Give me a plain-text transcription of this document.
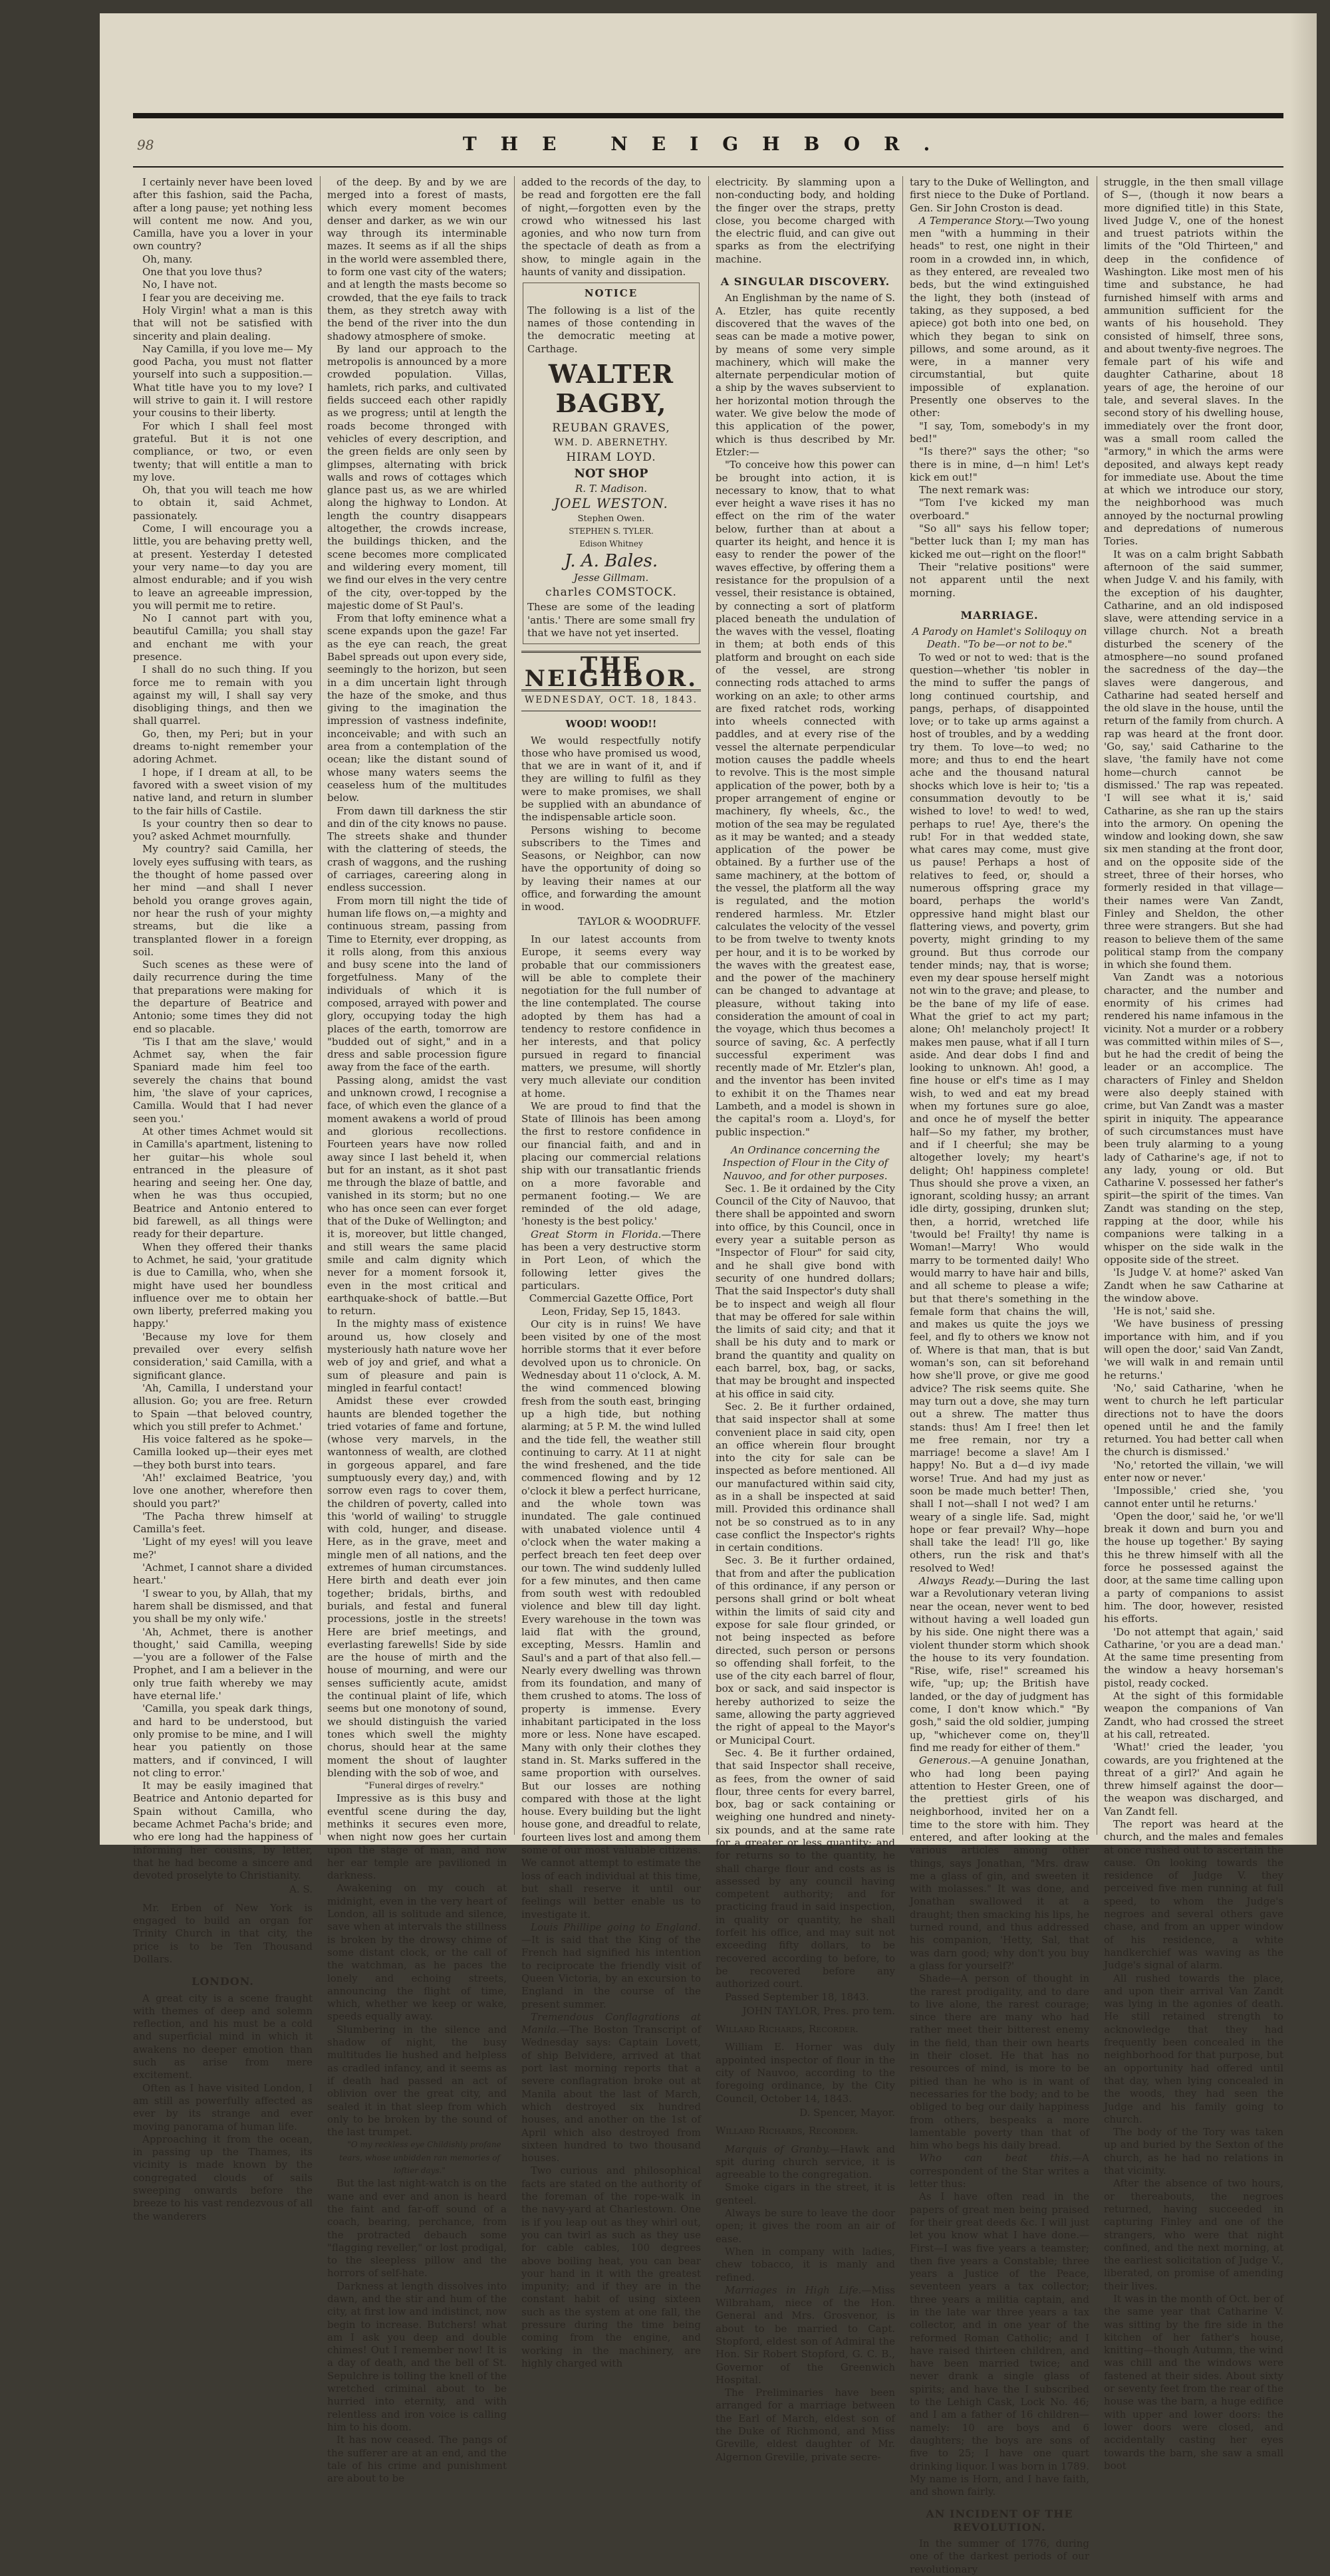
98	THE NEIGHBOR.

I certainly never have been loved after this fashion, said the Pacha, after a long pause; yet nothing less will content me now. And you, Camilla, have you a lover in your own country?

Oh, many.

One that you love thus?

No, I have not.

I fear you are deceiving me.

Holy Virgin! what a man is this that will not be satisfied with sincerity and plain dealing.

Nay Camilla, if you love me— My good Pacha, you must not flatter yourself into such a supposition.—What title have you to my love? I will strive to gain it. I will restore your cousins to their liberty.

For which I shall feel most grateful. But it is not one compliance, or two, or even twenty; that will entitle a man to my love.

Oh, that you will teach me how to obtain it, said Achmet, passionately.

Come, I will encourage you a little, you are behaving pretty well, at present. Yesterday I detested your very name—to day you are almost endurable; and if you wish to leave an agreeable impression, you will permit me to retire.

No I cannot part with you, beautiful Camilla; you shall stay and enchant me with your presence.

I shall do no such thing. If you force me to remain with you against my will, I shall say very disobliging things, and then we shall quarrel.

Go, then, my Peri; but in your dreams to-night remember your adoring Achmet.

I hope, if I dream at all, to be favored with a sweet vision of my native land, and return in slumber to the fair hills of Castile.

Is your country then so dear to you? asked Achmet mournfully.

My country? said Camilla, her lovely eyes suffusing with tears, as the thought of home passed over her mind —and shall I never behold you orange groves again, nor hear the rush of your mighty streams, but die like a transplanted flower in a foreign soil.

Such scenes as these were of daily recurrence during the time that preparations were making for the departure of Beatrice and Antonio; some times they did not end so placable.

'Tis I that am the slave,' would Achmet say, when the fair Spaniard made him feel too severely the chains that bound him, 'the slave of your caprices, Camilla. Would that I had never seen you.'

At other times Achmet would sit in Camilla's apartment, listening to her guitar—his whole soul entranced in the pleasure of hearing and seeing her. One day, when he was thus occupied, Beatrice and Antonio entered to bid farewell, as all things were ready for their departure.

When they offered their thanks to Achmet, he said, 'your gratitude is due to Camilla, who, when she might have used her boundless influence over me to obtain her own liberty, preferred making you happy.'

'Because my love for them prevailed over every selfish consideration,' said Camilla, with a significant glance.

'Ah, Camilla, I understand your allusion. Go; you are free. Return to Spain —that beloved country, which you still prefer to Achmet.'

His voice faltered as he spoke—Camilla looked up—their eyes met—they both burst into tears.

'Ah!' exclaimed Beatrice, 'you love one another, wherefore then should you part?'

'The Pacha threw himself at Camilla's feet.

'Light of my eyes! will you leave me?'

'Achmet, I cannot share a divided heart.'

'I swear to you, by Allah, that my harem shall be dismissed, and that you shall be my only wife.'

'Ah, Achmet, there is another thought,' said Camilla, weeping—'you are a follower of the False Prophet, and I am a believer in the only true faith whereby we may have eternal life.'

'Camilla, you speak dark things, and hard to be understood, but only promise to be mine, and I will hear you patiently on those matters, and if convinced, I will not cling to error.'

It may be easily imagined that Beatrice and Antonio departed for Spain without Camilla, who became Achmet Pacha's bride; and who ere long had the happiness of informing her cousins, by letter, that he had become a sincere and devoted proselyte to Christianity.

A. S.

Mr. Erben of New York is engaged to build an organ for Trinity Church in that city, the price is to be Ten Thousand Dollars.

LONDON.

A great city is a scene fraught with themes of deep and solemn reflection, and his must be a cold and superficial mind in which it awakens no deeper emotion than such as arise from mere excitement.

Often as I have visited London, I am still as powerfully affected as ever by its strange and ever moving panorama of human life.

Approaching it from the ocean, in passing up the Thames, its vicinity is made known by the congregated clouds of sails sweeping onwards before the breeze to his vast rendezvous of all the wanderers

of the deep. By and by we are merged into a forest of masts, which every moment becomes denser and darker, as we win our way through its interminable mazes. It seems as if all the ships in the world were assembled there, to form one vast city of the waters; and at length the masts become so crowded, that the eye fails to track them, as they stretch away with the bend of the river into the dun shadowy atmosphere of smoke.

By land our approach to the metropolis is announced by a more crowded population. Villas, hamlets, rich parks, and cultivated fields succeed each other rapidly as we progress; until at length the roads become thronged with vehicles of every description, and the green fields are only seen by glimpses, alternating with brick walls and rows of cottages which glance past us, as we are whirled along the highway to London. At length the country disappears altogether, the crowds increase, the buildings thicken, and the scene becomes more complicated and wildering every moment, till we find our elves in the very centre of the city, over-topped by the majestic dome of St Paul's.

From that lofty eminence what a scene expands upon the gaze! Far as the eye can reach, the great Babel spreads out upon every side, seemingly to the horizon, but seen in a dim uncertain light through the haze of the smoke, and thus giving to the imagination the impression of vastness indefinite, inconceivable; and with such an area from a contemplation of the ocean; like the distant sound of whose many waters seems the ceaseless hum of the multitudes below.

From dawn till darkness the stir and din of the city knows no pause. The streets shake and thunder with the clattering of steeds, the crash of waggons, and the rushing of carriages, careering along in endless succession.

From morn till night the tide of human life flows on,—a mighty and continuous stream, passing from Time to Eternity, ever dropping, as it rolls along, from this anxious and busy scene into the land of forgetfulness. Many of the individuals of which it is composed, arrayed with power and glory, occupying today the high places of the earth, tomorrow are "budded out of sight," and in a dress and sable procession figure away from the face of the earth.

Passing along, amidst the vast and unknown crowd, I recognise a face, of which even the glance of a moment awakens a world of proud and glorious recollections. Fourteen years have now rolled away since I last beheld it, when but for an instant, as it shot past me through the blaze of battle, and vanished in its storm; but no one who has once seen can ever forget that of the Duke of Wellington; and it is, moreover, but little changed, and still wears the same placid smile and calm dignity which never for a moment forsook it, even in the most critical and earthquake-shock of battle.—But to return.

In the mighty mass of existence around us, how closely and mysteriously hath nature wove her web of joy and grief, and what a sum of pleasure and pain is mingled in fearful contact!

Amidst these ever crowded haunts are blended together the tried votaries of fame and fortune, (whose very marvels, in the wantonness of wealth, are clothed in gorgeous apparel, and fare sumptuously every day,) and, with sorrow even rags to cover them, the children of poverty, called into this 'world of wailing' to struggle with cold, hunger, and disease. Here, as in the grave, meet and mingle men of all nations, and the extremes of human circumstances. Here birth and death ever join together; bridals, births, and burials, and festal and funeral processions, jostle in the streets! Here are brief meetings, and everlasting farewells! Side by side are the house of mirth and the house of mourning, and were our senses sufficiently acute, amidst the continual plaint of life, which seems but one monotony of sound, we should distinguish the varied tones which swell the mighty chorus, should hear at the same moment the shout of laughter blending with the sob of woe, and

"Funeral dirges of revelry."

Impressive as is this busy and eventful scene during the day, methinks it secures even more, when night now goes her curtain upon the stage of man, and now her ear temple are pavilioned in darkness.

Awakening on my couch at midnight, even in the very heart of London, all is solitude and silence, save when at intervals the stillness is broken by the drowsy chime of some distant clock, or the call of the watchman, as he paces the lonely and echoing streets, announcing the flight of time, which, whether we keep or wake, speeds equally away.

Slumbering in the silence and shadow of night, the busy multitudes lie hushed and helpless as cradled infancy, and it seems as if death had passed an act of oblivion over the great city, and sealed it in that sleep from which only to be broken by the sound of the last trumpet.

"O my reckless eye Childishly profane tears, whose unbidden ran memories of loftier days."

But the last night-watch is on the wane and ever and anon is heard the faint and far-off sound of a coach, bearing, perchance, from the protracted debauch some "flagging reveller," or lost prodigal, to the sleepless pillow and the horrors of self-hate.

Darkness at length dissolves into dawn, and the stir and hum of the city, at first low and indistinct, now begin to increase. Butchers! what am I ask you deep and double chimes! Out I remember now! It is a day of death, and the bell of St. Sepulchre is tolling the knell of the wretched criminal about to be hurried into eternity, and with relentless and iron voice is calling him to his doom.

It has now ceased. The pangs of the sufferer are at an end, and the tale of his crime and punishment are about to be

added to the records of the day, to be read and forgotten ere the fall of night,—forgotten even by the crowd who witnessed his last agonies, and who now turn from the spectacle of death as from a show, to mingle again in the haunts of vanity and dissipation.

NOTICE
The following is a list of the names of those contending in the democratic meeting at Carthage.
WALTER BAGBY,
REUBAN GRAVES,
WM. D. ABERNETHY.
HIRAM LOYD.
NOT SHOP
R. T. Madison.
JOEL WESTON.
Stephen Owen.
STEPHEN S. TYLER.
Edison Whitney
J. A. Bales.
Jesse Gillmam.
charles COMSTOCK.
These are some of the leading 'antis.' There are some small fry that we have not yet inserted.
THE NEIGHBOR.
WEDNESDAY, OCT. 18, 1843.
WOOD! WOOD!!

We would respectfully notify those who have promised us wood, that we are in want of it, and if they are willing to fulfil as they were to make promises, we shall be supplied with an abundance of the indispensable article soon.

Persons wishing to become subscribers to the Times and Seasons, or Neighbor, can now have the opportunity of doing so by leaving their names at our office, and forwarding the amount in wood.

TAYLOR & WOODRUFF.

In our latest accounts from Europe, it seems every way probable that our commissioners will be able to complete their negotiation for the full number of the line contemplated. The course adopted by them has had a tendency to restore confidence in her interests, and that policy pursued in regard to financial matters, we presume, will shortly very much alleviate our condition at home.

We are proud to find that the State of Illinois has been among the first to restore confidence in our financial faith, and and in placing our commercial relations ship with our transatlantic friends on a more favorable and permanent footing.— We are reminded of the old adage, 'honesty is the best policy.'

Great Storm in Florida.—There has been a very destructive storm in Port Leon, of which the following letter gives the particulars.

Commercial Gazette Office, Port Leon, Friday, Sep 15, 1843.

Our city is in ruins! We have been visited by one of the most horrible storms that it ever before devolved upon us to chronicle. On Wednesday about 11 o'clock, A. M. the wind commenced blowing fresh from the south east, bringing up a high tide, but nothing alarming; at 5 P. M. the wind lulled and the tide fell, the weather still continuing to carry. At 11 at night the wind freshened, and the tide commenced flowing and by 12 o'clock it blew a perfect hurricane, and the whole town was inundated. The gale continued with unabated violence until 4 o'clock when the water making a perfect breach ten feet deep over our town. The wind suddenly lulled for a few minutes, and then came from south west with redoubled violence and blew till day light. Every warehouse in the town was laid flat with the ground, excepting, Messrs. Hamlin and Saul's and a part of that also fell.— Nearly every dwelling was thrown from its foundation, and many of them crushed to atoms. The loss of property is immense. Every inhabitant participated in the loss more or less. None have escaped. Many with only their clothes they stand in. St. Marks suffered in the same proportion with ourselves. But our losses are nothing compared with those at the light house. Every building but the light house gone, and dreadful to relate, fourteen lives lost and among them some of our most valuable citizens. We cannot attempt to estimate the loss of each individual at this time, but shall reserve it until our feelings will better enable us to investigate it.

Louis Phillipe going to England.—It is said that the King of the French had signified his intention to reciprocate the friendly visit of Queen Victoria, by an excursion to England in the course of the present summer.

Tremendous Conflagrations at Manila.—The Boston Transcript of Wednesday says: Captain Lovett, of ship Belvidere, arrived at that port last morning reports that a severe conflagration broke out at Manila about the last of March, which destroyed six hundred houses, and another on the 1st of April which also destroyed from sixteen hundred to two thousand houses.

Two curious and philosophical facts are stated on the authority of the foreman of the rope-walk in the navy-yard at Charlestown. One is if you leap out as they whirl out, you can twirl as such as they use for cable cables, 100 degrees above boiling heat, you can bear your hand in it with the greatest impunity; and if they are in the constant habit of using sixteen such as the system at one fall, the pressure during the time being coming from the engine, and working in the machinery, are highly charged with

electricity. By slamming upon a non-conducting body, and holding the finger over the straps, pretty close, you become charged with the electric fluid, and can give out sparks as from the electrifying machine.

A SINGULAR DISCOVERY.

An Englishman by the name of S. A. Etzler, has quite recently discovered that the waves of the seas can be made a motive power, by means of some very simple machinery, which will make the alternate perpendicular motion of a ship by the waves subservient to her horizontal motion through the water. We give below the mode of this application of the power, which is thus described by Mr. Etzler:—

"To conceive how this power can be brought into action, it is necessary to know, that to what ever height a wave rises it has no effect on the rim of the water below, further than at about a quarter its height, and hence it is easy to render the power of the waves effective, by offering them a resistance for the propulsion of a vessel, their resistance is obtained, by connecting a sort of platform placed beneath the undulation of the waves with the vessel, floating in them; at both ends of this platform and brought on each side of the vessel, are strong connecting rods attached to arms working on an axle; to other arms are fixed ratchet rods, working into wheels connected with paddles, and at every rise of the vessel the alternate perpendicular motion causes the paddle wheels to revolve. This is the most simple application of the power, both by a proper arrangement of engine or machinery, fly wheels, &c., the motion of the sea may be regulated as it may be wanted; and a steady application of the power be obtained. By a further use of the same machinery, at the bottom of the vessel, the platform all the way is regulated, and the motion rendered harmless. Mr. Etzler calculates the velocity of the vessel to be from twelve to twenty knots per hour, and it is to be worked by the waves with the greatest ease, and the power of the machinery can be changed to advantage at pleasure, without taking into consideration the amount of coal in the voyage, which thus becomes a source of saving, &c. A perfectly successful experiment was recently made of Mr. Etzler's plan, and the inventor has been invited to exhibit it on the Thames near Lambeth, and a model is shown in the capital's room a. Lloyd's, for public inspection."

An Ordinance concerning the Inspection of Flour in the City of Nauvoo, and for other purposes.

Sec. 1. Be it ordained by the City Council of the City of Nauvoo, that there shall be appointed and sworn into office, by this Council, once in every year a suitable person as "Inspector of Flour" for said city, and he shall give bond with security of one hundred dollars; That the said Inspector's duty shall be to inspect and weigh all flour that may be offered for sale within the limits of said city; and that it shall be his duty and to mark or brand the quantity and quality on each barrel, box, bag, or sacks, that may be brought and inspected at his office in said city.

Sec. 2. Be it further ordained, that said inspector shall at some convenient place in said city, open an office wherein flour brought into the city for sale can be inspected as before mentioned. All our manufactured within said city, as in a shall be inspected at said mill. Provided this ordinance shall not be so construed as to in any case conflict the Inspector's rights in certain conditions.

Sec. 3. Be it further ordained, that from and after the publication of this ordinance, if any person or persons shall grind or bolt wheat within the limits of said city and expose for sale flour grinded, or not being inspected as before directed, such person or persons so offending shall forfeit, to the use of the city each barrel of flour, box or sack, and said inspector is hereby authorized to seize the same, allowing the party aggrieved the right of appeal to the Mayor's or Municipal Court.

Sec. 4. Be it further ordained, that said Inspector shall receive, as fees, from the owner of said flour, three cents for every barrel, box, bag or sack containing or weighing one hundred and ninety-six pounds, and at the same rate for a greater or less quantity; and for returns so to the quantity, he shall charge flour and costs as is assessed by any council having competent authority; and for practicing fraud in said inspection, in quality or quantity, he shall forfeit his office, and may suit not exceeding fifty dollars, to be recovered according to before, to be recovered before any authorized court.

Passed September 18, 1843.

JOHN TAYLOR, Pres. pro tem.
Willard Richards, Recorder.

William E. Horner was duly appointed inspector of flour in the city of Nauvoo, according to the foregoing ordinance, by the City Council, October 14, 1843.

D. Spencer, Mayor.
Willard Richards, Recorder.

Marquis of Granby.—Hawk and spit during church service, it is agreeable to the congregation.

Smoke cigars in the street, it is genteel.

Always be sure to leave the door open; it gives the room an air of ease.

When in company with ladies, chew tobacco, it is manly and refined.

Marriages in High Life.—Miss Wilbraham, niece of the Hon. General and Mrs. Grosvenor, is about to be married to Capt. Stopford, eldest son of Admiral the Hon. Sir Robert Stopford, G. C. B., Governor of the Greenwich Hospital.

The Preliminaries have been arranged for a marriage between the Earl of March, eldest son of the Duke of Richmond, and Miss Greville, eldest daughter of Mr. Algernon Greville, private secre-

tary to the Duke of Wellington, and first niece to the Duke of Portland. Gen. Sir John Croston is dead.

A Temperance Story.—Two young men "with a humming in their heads" to rest, one night in their room in a crowded inn, in which, as they entered, are revealed two beds, but the wind extinguished the light, they both (instead of taking, as they supposed, a bed apiece) got both into one bed, on which they began to sink on pillows, and some around, as it were, in a manner very circumstantial, but quite impossible of explanation. Presently one observes to the other:

"I say, Tom, somebody's in my bed!"

"Is there?" says the other; "so there is in mine, d—n him! Let's kick em out!"

The next remark was:

"Tom I've kicked my man overboard."

"So all" says his fellow toper; "better luck than I; my man has kicked me out—right on the floor!"

Their "relative positions" were not apparent until the next morning.

MARRIAGE.

A Parody on Hamlet's Soliloquy on Death. "To be—or not to be."

To wed or not to wed: that is the question—whether 'tis nobler in the mind to suffer the pangs of long continued courtship, and pangs, perhaps, of disappointed love; or to take up arms against a host of troubles, and by a wedding try them. To love—to wed; no more; and thus to end the heart ache and the thousand natural shocks which love is heir to; 'tis a consummation devoutly to be wished to love! to wed! to wed, perhaps to rue! Aye, there's the rub! For in that wedded state, what cares may come, must give us pause! Perhaps a host of relatives to feed, or, should a numerous offspring grace my board, perhaps the world's oppressive hand might blast our flattering views, and poverty, grim poverty, might grinding to my ground. But thus corrode our tender minds; nay, that is worse; even my dear spouse herself might not win to the grave; and please, to be the bane of my life of ease. What the grief to act my part; alone; Oh! melancholy project! It makes men pause, what if all I turn aside. And dear dobs I find and looking to unknown. Ah! good, a fine house or elf's time as I may wish, to wed and eat my bread when my fortunes sure go aloe, and once he of myself the better half—So my father, my brother, and if I cheerful; she may be altogether lovely; my heart's delight; Oh! happiness complete! Thus should she prove a vixen, an ignorant, scolding hussy; an arrant idle dirty, gossiping, drunken slut; then, a horrid, wretched life 'twould be! Frailty! thy name is Woman!—Marry! Who would marry to be tormented daily! Who would marry to have hair and bills, and all scheme to please a wife; but that there's something in the female form that chains the will, and makes us quite the joys we feel, and fly to others we know not of. Where is that man, that is but woman's son, can sit beforehand how she'll prove, or give me good advice? The risk seems quite. She may turn out a dove, she may turn out a shrew. The matter thus stands: thus! Am I free! then let me free remain, nor try a marriage! become a slave! Am I happy! No. But a d—d ivy made worse! True. And had my just as soon be made much better! Then, shall I not—shall I not wed? I am weary of a single life. Sad, might hope or fear prevail? Why—hope shall take the lead! I'll go, like others, run the risk and that's resolved to Wed!

Always Ready.—During the last war a Revolutionary veteran living near the ocean, never went to bed without having a well loaded gun by his side. One night there was a violent thunder storm which shook the house to its very foundation. "Rise, wife, rise!" screamed his wife, "up; up; the British have landed, or the day of judgment has come, I don't know which." "By gosh," said the old soldier, jumping up, "whichever come on, they'll find me ready for either of them."

Generous.—A genuine Jonathan, who had long been paying attention to Hester Green, one of the prettiest girls of his neighborhood, invited her on a time to the store with him. They entered, and after looking at the various articles among other things, says Jonathan, "Mrs. draw me a glass of gin, and sweeten it with molasses." It was done, and Jonathan swallowed it at a draught; then smacking his lips, he turned round, and thus addressed his companion, 'Hetty, Sal, that was darn good; why don't you buy a glass for yourself?'

Shade—A person of thought in the rarest prodigality, and to dare to live alone, the rarest courage; since there are many who had rather meet their bitterest enemy in the field, than their own hearts in their closet. He that has no resources of mind, is more to be pitied than he who is in want of necessaries for the body; and to be obliged to beg our daily happiness from others, bespeaks a more lamentable poverty than that of him who begs his daily bread.

Who can beat this.—A correspondent of the Star writes a letter thus:

As I have often read in the papers of great men being praised for their great deeds &c. I will just let you know what I have done.—First—I was five years a teamster; then five years a Constable; three years a Justice of the Peace, seventeen years a tax collector; three years a militia captain, and in the late war three years a tax collector, and in one year of the reformed Roman Catholic; and I have raised thirteen children, and have been married twice; and never drank a single glass of spirits; and have the I subscribed to the Lehigh Cask, Lock No. 46; and I am a father of 16 children—namely: 10 are boys and 6 daughters; the boys are sons of five to 25; I have one quart drinking liquor. I was born in 1789. My name is Horn, and I have faith, and shown fairly.

AN INCIDENT OF THE REVOLUTION.

In the summer of 1776, during one of the darkest periods of our revolutionary

struggle, in the then small village of S—, (though it now bears a more dignified title) in this State, lived Judge V., one of the honest and truest patriots within the limits of the "Old Thirteen," and deep in the confidence of Washington. Like most men of his time and substance, he had furnished himself with arms and ammunition sufficient for the wants of his household. They consisted of himself, three sons, and about twenty-five negroes. The female part of his wife and daughter Catharine, about 18 years of age, the heroine of our tale, and several slaves. In the second story of his dwelling house, immediately over the front door, was a small room called the "armory," in which the arms were deposited, and always kept ready for immediate use. About the time at which we introduce our story, the neighborhood was much annoyed by the nocturnal prowling and depredations of numerous Tories.

It was on a calm bright Sabbath afternoon of the said summer, when Judge V. and his family, with the exception of his daughter, Catharine, and an old indisposed slave, were attending service in a village church. Not a breath disturbed the scenery of the atmosphere—no sound profaned the sacredness of the day—the slaves were dangerous, and Catharine had seated herself and the old slave in the house, until the return of the family from church. A rap was heard at the front door. 'Go, say,' said Catharine to the slave, 'the family have not come home—church cannot be dismissed.' The rap was repeated. 'I will see what it is,' said Catharine, as she ran up the stairs into the armory. On opening the window and looking down, she saw six men standing at the front door, and on the opposite side of the street, three of their horses, who formerly resided in that village—their names were Van Zandt, Finley and Sheldon, the other three were strangers. But she had reason to believe them of the same political stamp from the company in which she found them.

Van Zandt was a notorious character, and the number and enormity of his crimes had rendered his name infamous in the vicinity. Not a murder or a robbery was committed within miles of S—, but he had the credit of being the leader or an accomplice. The characters of Finley and Sheldon were also deeply stained with crime, but Van Zandt was a master spirit in iniquity. The appearance of such circumstances must have been truly alarming to a young lady of Catharine's age, if not to any lady, young or old. But Catharine V. possessed her father's spirit—the spirit of the times. Van Zandt was standing on the step, rapping at the door, while his companions were talking in a whisper on the side walk in the opposite side of the street.

'Is Judge V. at home?' asked Van Zandt when he saw Catharine at the window above.

'He is not,' said she.

'We have business of pressing importance with him, and if you will open the door,' said Van Zandt, 'we will walk in and remain until he returns.'

'No,' said Catharine, 'when he went to church he left particular directions not to have the doors opened until he and the family returned. You had better call when the church is dismissed.'

'No,' retorted the villain, 'we will enter now or never.'

'Impossible,' cried she, 'you cannot enter until he returns.'

'Open the door,' said he, 'or we'll break it down and burn you and the house up together.' By saying this he threw himself with all the force he possessed against the door, at the same time calling upon a party of companions to assist him. The door, however, resisted his efforts.

'Do not attempt that again,' said Catharine, 'or you are a dead man.' At the same time presenting from the window a heavy horseman's pistol, ready cocked.

At the sight of this formidable weapon the companions of Van Zandt, who had crossed the street at his call, retreated.

'What!' cried the leader, 'you cowards, are you frightened at the threat of a girl?' And again he threw himself against the door—the weapon was discharged, and Van Zandt fell.

The report was heard at the church, and the males and females at once rushed out to ascertain the cause. On looking towards the residence of Judge V. they perceived five men running at full speed, to whom the Judge's negroes and several others gave chase, and from an upper window of his residence, a white handkerchief was waving as the Judge's signal of alarm.

All rushed towards the place, and upon their arrival Van Zandt was lying in the agonies of death. He still retained strength to acknowledge that they had frequently been concealed in the neighborhood for that purpose, but an opportunity had offered until that day, when lying concealed in the woods, they had seen the Judge and his family going to church.

The body of the Tory was taken up and buried by the Sexton of the church, as he had no relations in that vicinity.

After the absence of two hours, or thereabouts, the negroes returned, having succeeded in capturing Finley and one of the strangers, who were that night confined, and the next morning, at the earliest solicitation of Judge V., liberated, on promise of amending their lives.

It was in the month of Oct. ber of the same year that Catharine V. was sitting by the fire side in the kitchen of her father's house, knitting—though Autumn, the wind was chill and the windows were fastened at their sides. About sixty or seventy feet from the rear of the house was the barn, a huge edifice with upper and lower doors: the lower doors were closed, and accidentally casting her eyes towards the barn, she saw a small boot
